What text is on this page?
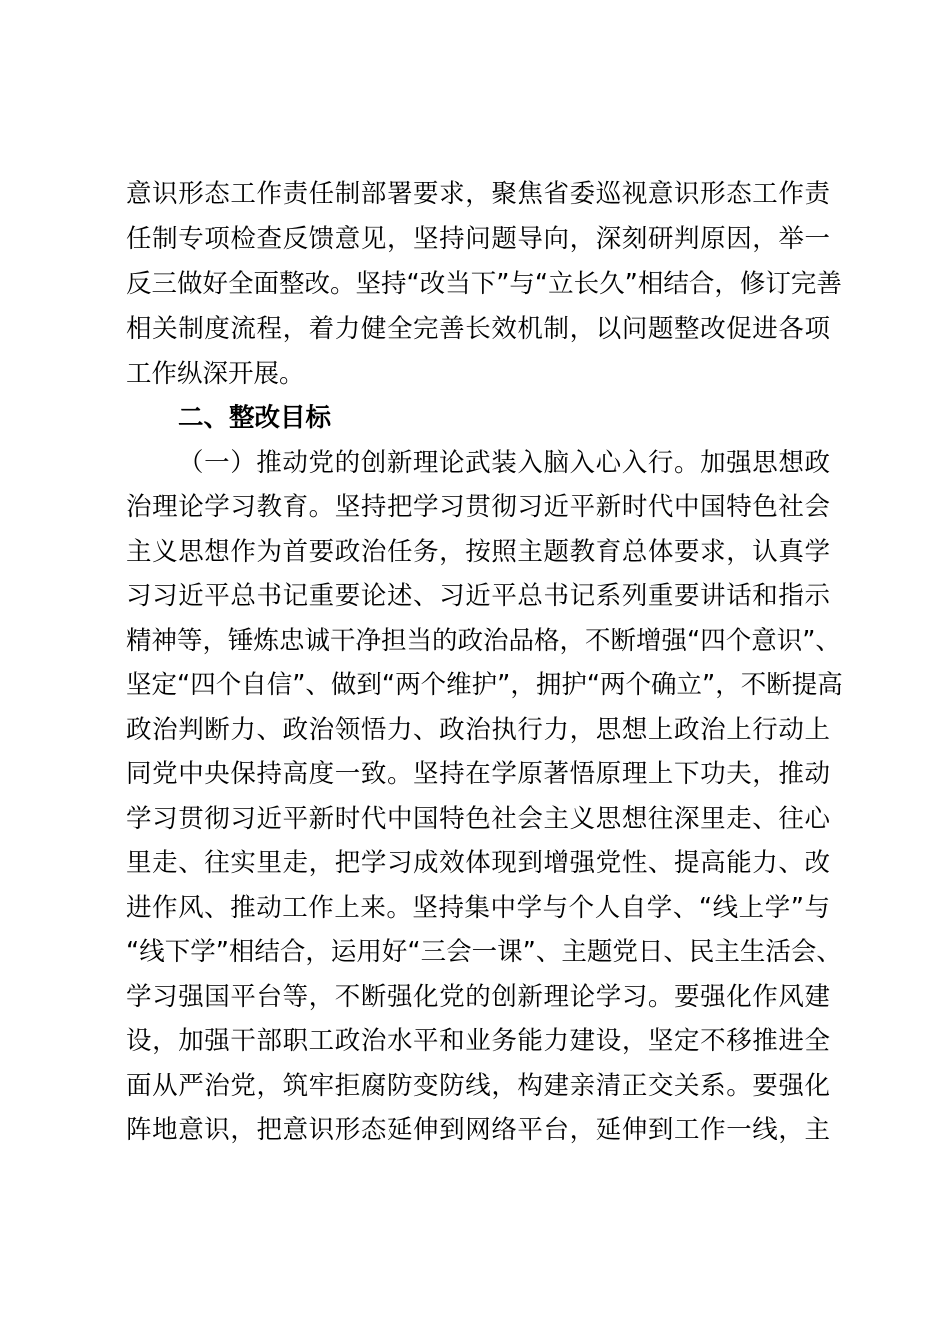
意识形态工作责任制部署要求，聚焦省委巡视意识形态工作责
任制专项检查反馈意见，坚持问题导向，深刻研判原因，举一
反三做好全面整改。坚持“改当下”与“立长久”相结合，修订完善
相关制度流程，着力健全完善长效机制，以问题整改促进各项
工作纵深开展。
二、整改目标
（一）推动党的创新理论武装入脑入心入行。加强思想政
治理论学习教育。坚持把学习贯彻习近平新时代中国特色社会
主义思想作为首要政治任务，按照主题教育总体要求，认真学
习习近平总书记重要论述、习近平总书记系列重要讲话和指示
精神等，锤炼忠诚干净担当的政治品格，不断增强“四个意识”、
坚定“四个自信”、做到“两个维护”，拥护“两个确立”，不断提高
政治判断力、政治领悟力、政治执行力，思想上政治上行动上
同党中央保持高度一致。坚持在学原著悟原理上下功夫，推动
学习贯彻习近平新时代中国特色社会主义思想往深里走、往心
里走、往实里走，把学习成效体现到增强党性、提高能力、改
进作风、推动工作上来。坚持集中学与个人自学、“线上学”与
“线下学”相结合，运用好“三会一课”、主题党日、民主生活会、
学习强国平台等，不断强化党的创新理论学习。要强化作风建
设，加强干部职工政治水平和业务能力建设，坚定不移推进全
面从严治党，筑牢拒腐防变防线，构建亲清正交关系。要强化
阵地意识，把意识形态延伸到网络平台，延伸到工作一线，主
